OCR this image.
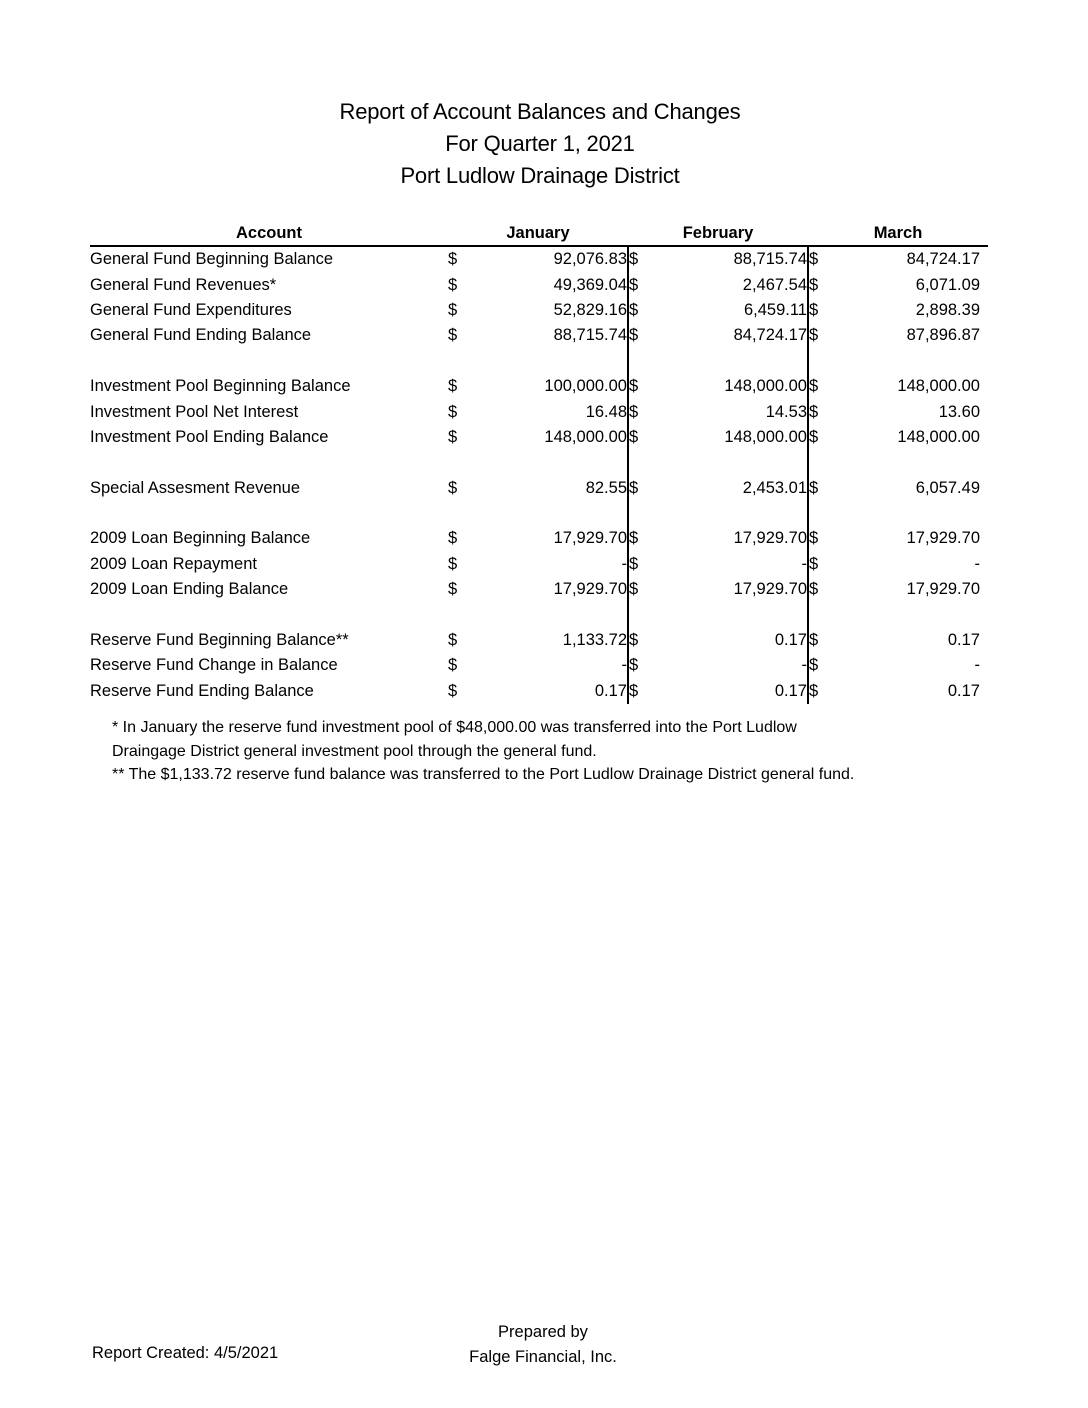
Report of Account Balances and Changes
For Quarter 1, 2021
Port Ludlow Drainage District
Account	January		February		March	
General Fund Beginning Balance	$	92,076.83	$	88,715.74	$	84,724.17
General Fund Revenues*	$	49,369.04	$	2,467.54	$	6,071.09
General Fund Expenditures	$	52,829.16	$	6,459.11	$	2,898.39
General Fund Ending Balance	$	88,715.74	$	84,724.17	$	87,896.87

Investment Pool Beginning Balance	$	100,000.00	$	148,000.00	$	148,000.00
Investment Pool Net Interest	$	16.48	$	14.53	$	13.60
Investment Pool Ending Balance	$	148,000.00	$	148,000.00	$	148,000.00

Special Assesment Revenue	$	82.55	$	2,453.01	$	6,057.49

2009 Loan Beginning Balance	$	17,929.70	$	17,929.70	$	17,929.70
2009 Loan Repayment	$	-	$	-	$	-
2009 Loan Ending Balance	$	17,929.70	$	17,929.70	$	17,929.70

Reserve Fund Beginning Balance**	$	1,133.72	$	0.17	$	0.17
Reserve Fund Change in Balance	$	-	$	-	$	-
Reserve Fund Ending Balance	$	0.17	$	0.17	$	0.17
* In January the reserve fund investment pool of $48,000.00 was transferred into the Port Ludlow
Draingage District general investment pool through the general fund.
** The $1,133.72 reserve fund balance was transferred to the Port Ludlow Drainage District general fund.
Report Created: 4/5/2021
Prepared by
Falge Financial, Inc.
